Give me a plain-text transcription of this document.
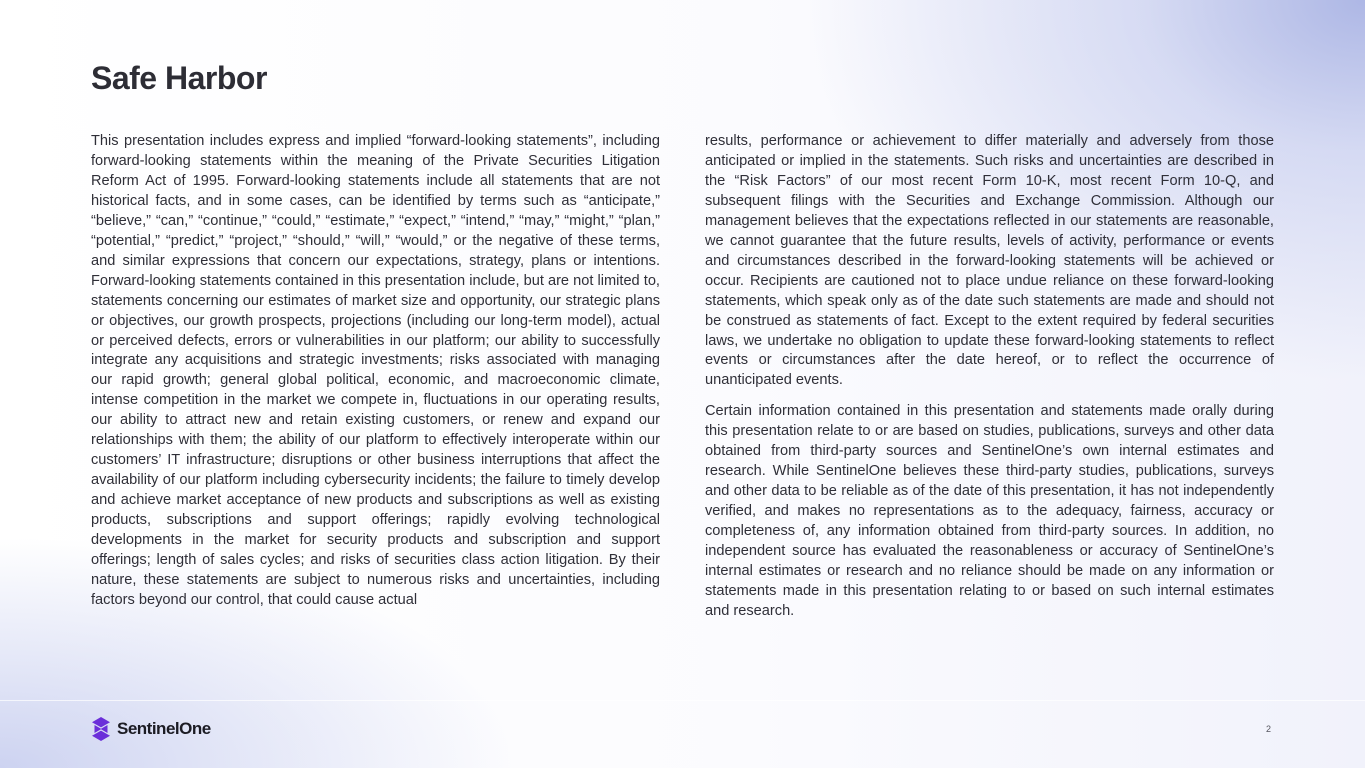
Safe Harbor

This presentation includes express and implied “forward-looking statements”, including forward-looking statements within the meaning of the Private Securities Litigation Reform Act of 1995. Forward-looking statements include all statements that are not historical facts, and in some cases, can be identified by terms such as “anticipate,” “believe,” “can,” “continue,” “could,” “estimate,” “expect,” “intend,” “may,” “might,” “plan,” “potential,” “predict,” “project,” “should,” “will,” “would,” or the negative of these terms, and similar expressions that concern our expectations, strategy, plans or intentions. Forward-looking statements contained in this presentation include, but are not limited to, statements concerning our estimates of market size and opportunity, our strategic plans or objectives, our growth prospects, projections (including our long-term model), actual or perceived defects, errors or vulnerabilities in our platform; our ability to successfully integrate any acquisitions and strategic investments; risks associated with managing our rapid growth; general global political, economic, and macroeconomic climate, intense competition in the market we compete in, fluctuations in our operating results, our ability to attract new and retain existing customers, or renew and expand our relationships with them; the ability of our platform to effectively interoperate within our customers’ IT infrastructure; disruptions or other business interruptions that affect the availability of our platform including cybersecurity incidents; the failure to timely develop and achieve market acceptance of new products and subscriptions as well as existing products, subscriptions and support offerings; rapidly evolving technological developments in the market for security products and subscription and support offerings; length of sales cycles; and risks of securities class action litigation. By their nature, these statements are subject to numerous risks and uncertainties, including factors beyond our control, that could cause actual

results, performance or achievement to differ materially and adversely from those anticipated or implied in the statements. Such risks and uncertainties are described in the “Risk Factors” of our most recent Form 10-K, most recent Form 10-Q, and subsequent filings with the Securities and Exchange Commission. Although our management believes that the expectations reflected in our statements are reasonable, we cannot guarantee that the future results, levels of activity, performance or events and circumstances described in the forward-looking statements will be achieved or occur. Recipients are cautioned not to place undue reliance on these forward-looking statements, which speak only as of the date such statements are made and should not be construed as statements of fact. Except to the extent required by federal securities laws, we undertake no obligation to update these forward-looking statements to reflect events or circumstances after the date hereof, or to reflect the occurrence of unanticipated events.

Certain information contained in this presentation and statements made orally during this presentation relate to or are based on studies, publications, surveys and other data obtained from third-party sources and SentinelOne’s own internal estimates and research. While SentinelOne believes these third-party studies, publications, surveys and other data to be reliable as of the date of this presentation, it has not independently verified, and makes no representations as to the adequacy, fairness, accuracy or completeness of, any information obtained from third-party sources. In addition, no independent source has evaluated the reasonableness or accuracy of SentinelOne’s internal estimates or research and no reliance should be made on any information or statements made in this presentation relating to or based on such internal estimates and research.

SentinelOne	2
